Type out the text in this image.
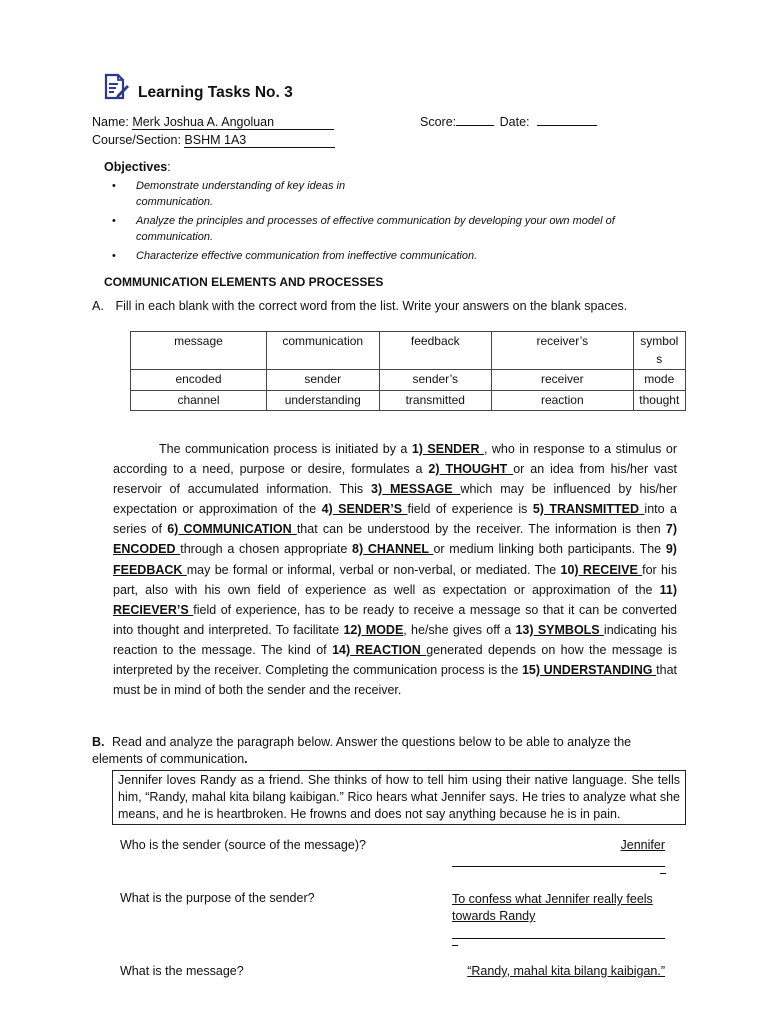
Learning Tasks No. 3
Name: Merk Joshua A. Angoluan	Score:	Date:
Course/Section: BSHM 1A3
Objectives:
• Demonstrate understanding of key ideas in communication.
• Analyze the principles and processes of effective communication by developing your own model of communication.
• Characterize effective communication from ineffective communication.
COMMUNICATION ELEMENTS AND PROCESSES
A. Fill in each blank with the correct word from the list. Write your answers on the blank spaces.
message	communication	feedback	receiver’s	symbols
encoded	sender	sender’s	receiver	mode
channel	understanding	transmitted	reaction	thought
The communication process is initiated by a 1) SENDER , who in response to a stimulus or according to a need, purpose or desire, formulates a 2) THOUGHT or an idea from his/her vast reservoir of accumulated information. This 3) MESSAGE which may be influenced by his/her expectation or approximation of the 4) SENDER’S field of experience is 5) TRANSMITTED into a series of 6) COMMUNICATION that can be understood by the receiver. The information is then 7) ENCODED through a chosen appropriate 8) CHANNEL or medium linking both participants. The 9) FEEDBACK may be formal or informal, verbal or non-verbal, or mediated. The 10) RECEIVE for his part, also with his own field of experience as well as expectation or approximation of the 11) RECIEVER’S field of experience, has to be ready to receive a message so that it can be converted into thought and interpreted. To facilitate 12) MODE, he/she gives off a 13) SYMBOLS indicating his reaction to the message. The kind of 14) REACTION generated depends on how the message is interpreted by the receiver. Completing the communication process is the 15) UNDERSTANDING that must be in mind of both the sender and the receiver.
B. Read and analyze the paragraph below. Answer the questions below to be able to analyze the elements of communication.
Jennifer loves Randy as a friend. She thinks of how to tell him using their native language. She tells him, “Randy, mahal kita bilang kaibigan.” Rico hears what Jennifer says. He tries to analyze what she means, and he is heartbroken. He frowns and does not say anything because he is in pain.
Who is the sender (source of the message)?	Jennifer
What is the purpose of the sender?	To confess what Jennifer really feels towards Randy
What is the message?	“Randy, mahal kita bilang kaibigan.”
